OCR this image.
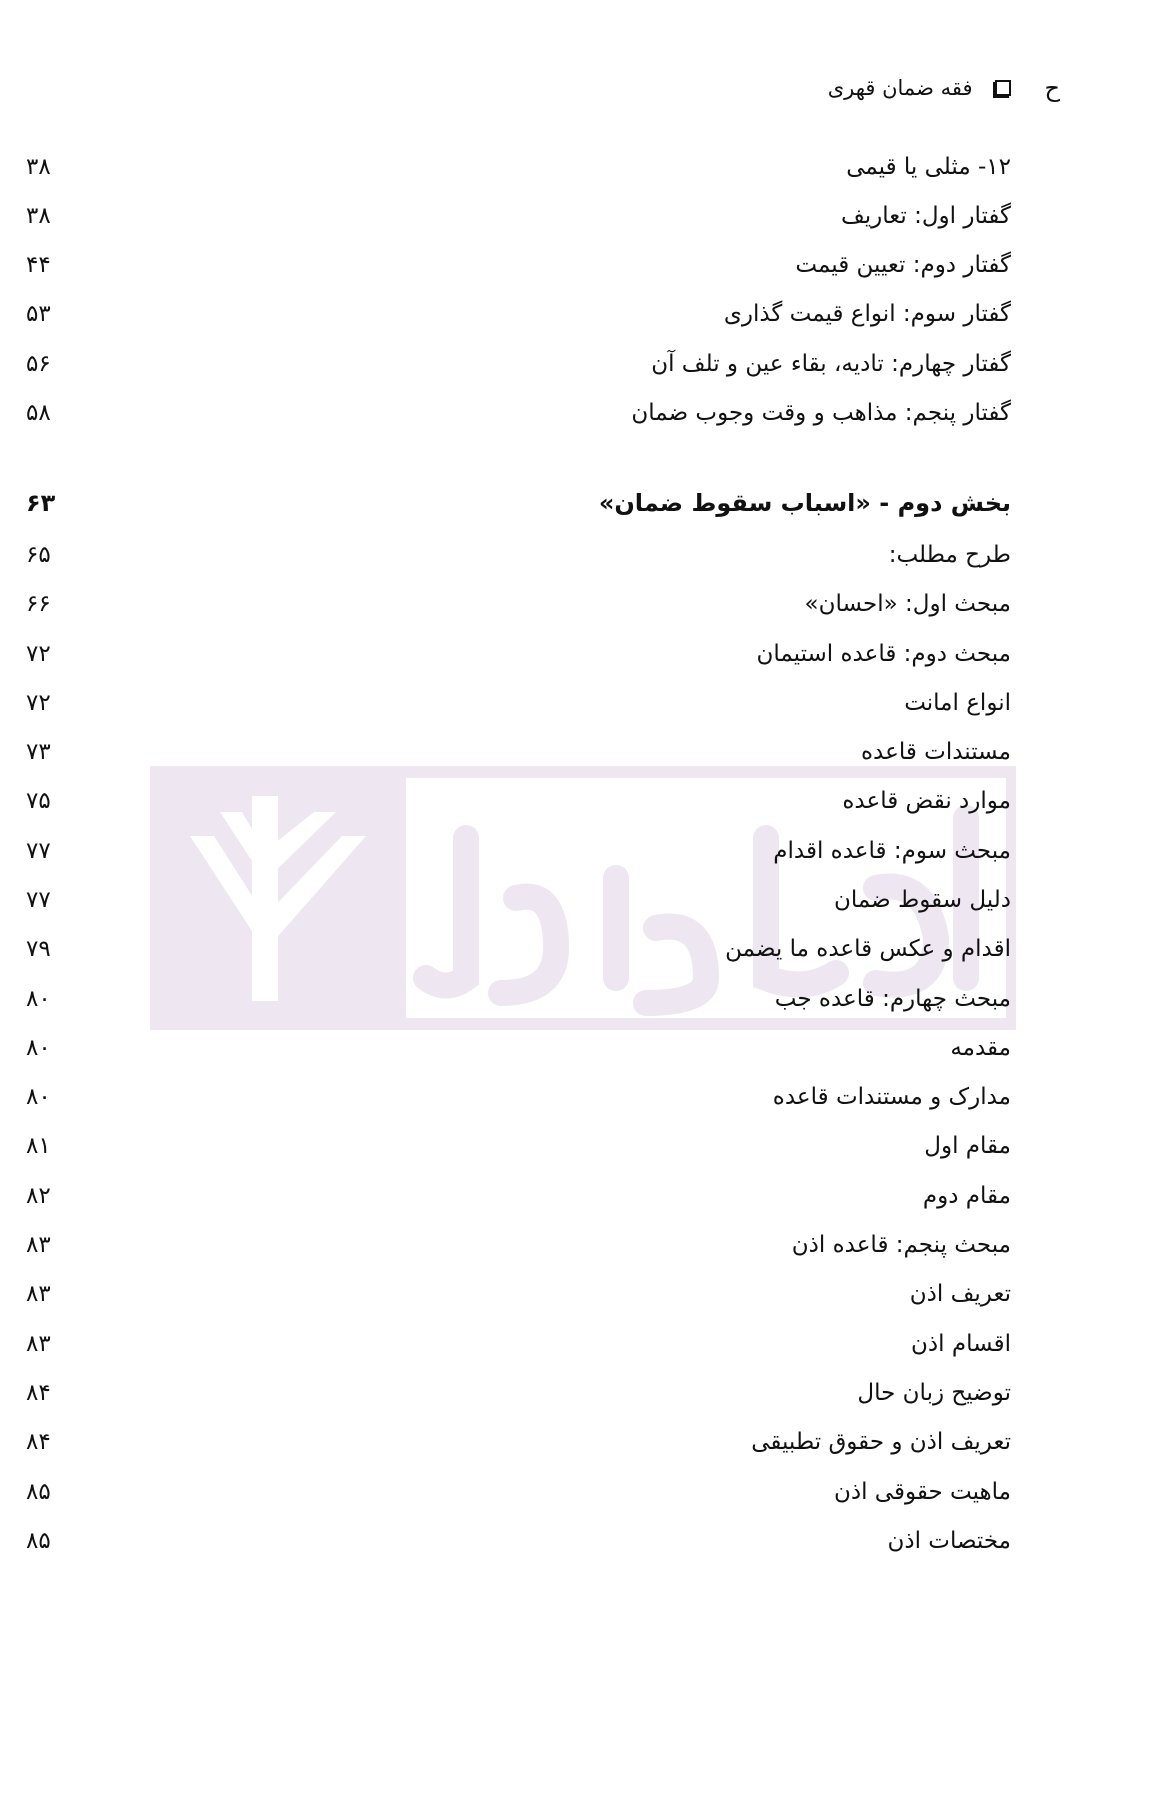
ح
فقه ضمان قهری
۱۲- مثلی یا قیمی
۳۸
گفتار اول: تعاریف
۳۸
گفتار دوم: تعیین قیمت
۴۴
گفتار سوم: انواع قیمت گذاری
۵۳
گفتار چهارم: تادیه، بقاء عین و تلف آن
۵۶
گفتار پنجم: مذاهب و وقت وجوب ضمان
۵۸
بخش دوم - «اسباب سقوط ضمان»
۶۳
طرح مطلب:
۶۵
مبحث اول: «احسان»
۶۶
مبحث دوم: قاعده استیمان
۷۲
انواع امانت
۷۲
مستندات قاعده
۷۳
موارد نقض قاعده
۷۵
مبحث سوم: قاعده اقدام
۷۷
دلیل سقوط ضمان
۷۷
اقدام و عکس قاعده ما یضمن
۷۹
مبحث چهارم: قاعده جب
۸۰
مقدمه
۸۰
مدارک و مستندات قاعده
۸۰
مقام اول
۸۱
مقام دوم
۸۲
مبحث پنجم: قاعده اذن
۸۳
تعریف اذن
۸۳
اقسام اذن
۸۳
توضیح زبان حال
۸۴
تعریف اذن و حقوق تطبیقی
۸۴
ماهیت حقوقی اذن
۸۵
مختصات اذن
۸۵
